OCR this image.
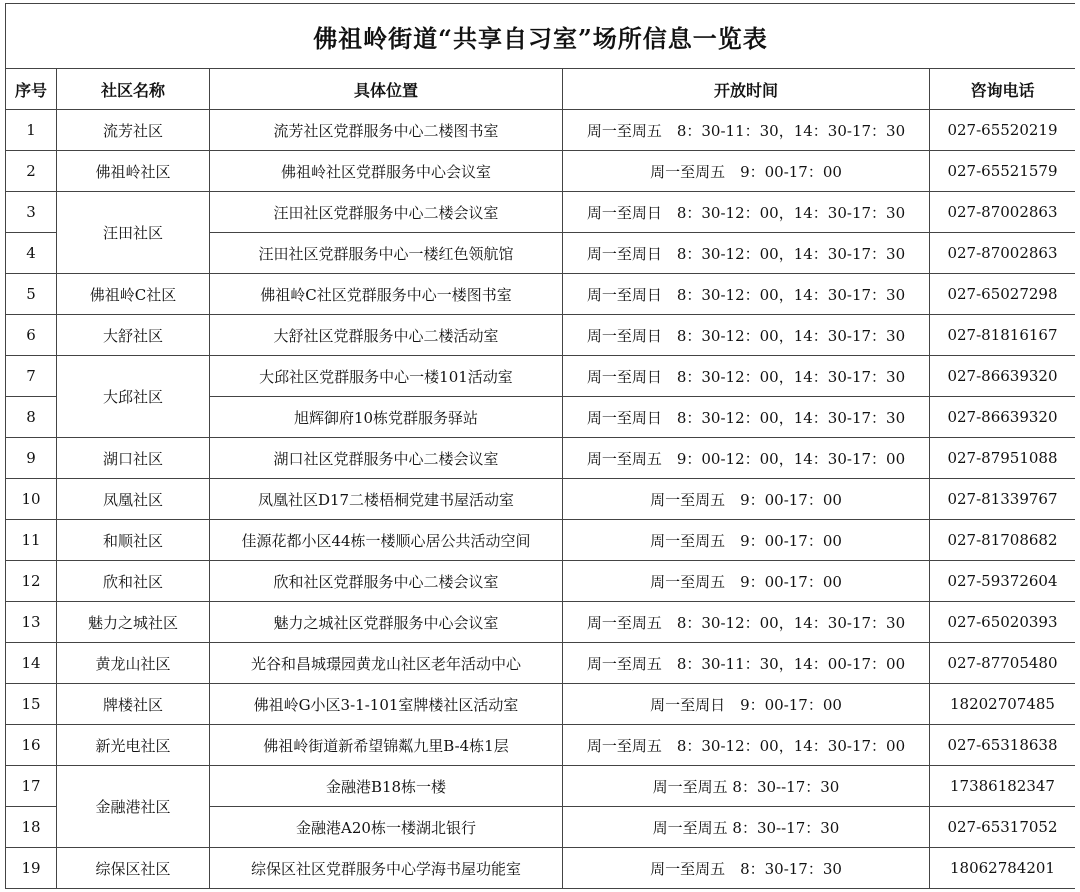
佛祖岭街道“共享自习室”场所信息一览表				
序号	社区名称	具体位置	开放时间	咨询电话
1	流芳社区	流芳社区党群服务中心二楼图书室	周一至周五　8：30-11：30，14：30-17：30	027-65520219
2	佛祖岭社区	佛祖岭社区党群服务中心会议室	周一至周五　9：00-17：00	027-65521579
3	汪田社区	汪田社区党群服务中心二楼会议室	周一至周日　8：30-12：00，14：30-17：30	027-87002863
4		汪田社区党群服务中心一楼红色领航馆	周一至周日　8：30-12：00，14：30-17：30	027-87002863
5	佛祖岭C社区	佛祖岭C社区党群服务中心一楼图书室	周一至周日　8：30-12：00，14：30-17：30	027-65027298
6	大舒社区	大舒社区党群服务中心二楼活动室	周一至周日　8：30-12：00，14：30-17：30	027-81816167
7	大邱社区	大邱社区党群服务中心一楼101活动室	周一至周日　8：30-12：00，14：30-17：30	027-86639320
8		旭辉御府10栋党群服务驿站	周一至周日　8：30-12：00，14：30-17：30	027-86639320
9	湖口社区	湖口社区党群服务中心二楼会议室	周一至周五　9：00-12：00，14：30-17：00	027-87951088
10	凤凰社区	凤凰社区D17二楼梧桐党建书屋活动室	周一至周五　9：00-17：00	027-81339767
11	和顺社区	佳源花都小区44栋一楼顺心居公共活动空间	周一至周五　9：00-17：00	027-81708682
12	欣和社区	欣和社区党群服务中心二楼会议室	周一至周五　9：00-17：00	027-59372604
13	魅力之城社区	魅力之城社区党群服务中心会议室	周一至周五　8：30-12：00，14：30-17：30	027-65020393
14	黄龙山社区	光谷和昌城璟园黄龙山社区老年活动中心	周一至周五　8：30-11：30，14：00-17：00	027-87705480
15	牌楼社区	佛祖岭G小区3-1-101室牌楼社区活动室	周一至周日　9：00-17：00	18202707485
16	新光电社区	佛祖岭街道新希望锦粼九里B-4栋1层	周一至周五　8：30-12：00，14：30-17：00	027-65318638
17	金融港社区	金融港B18栋一楼	周一至周五 8：30--17：30	17386182347
18		金融港A20栋一楼湖北银行	周一至周五 8：30--17：30	027-65317052
19	综保区社区	综保区社区党群服务中心学海书屋功能室	周一至周五　8：30-17：30	18062784201
